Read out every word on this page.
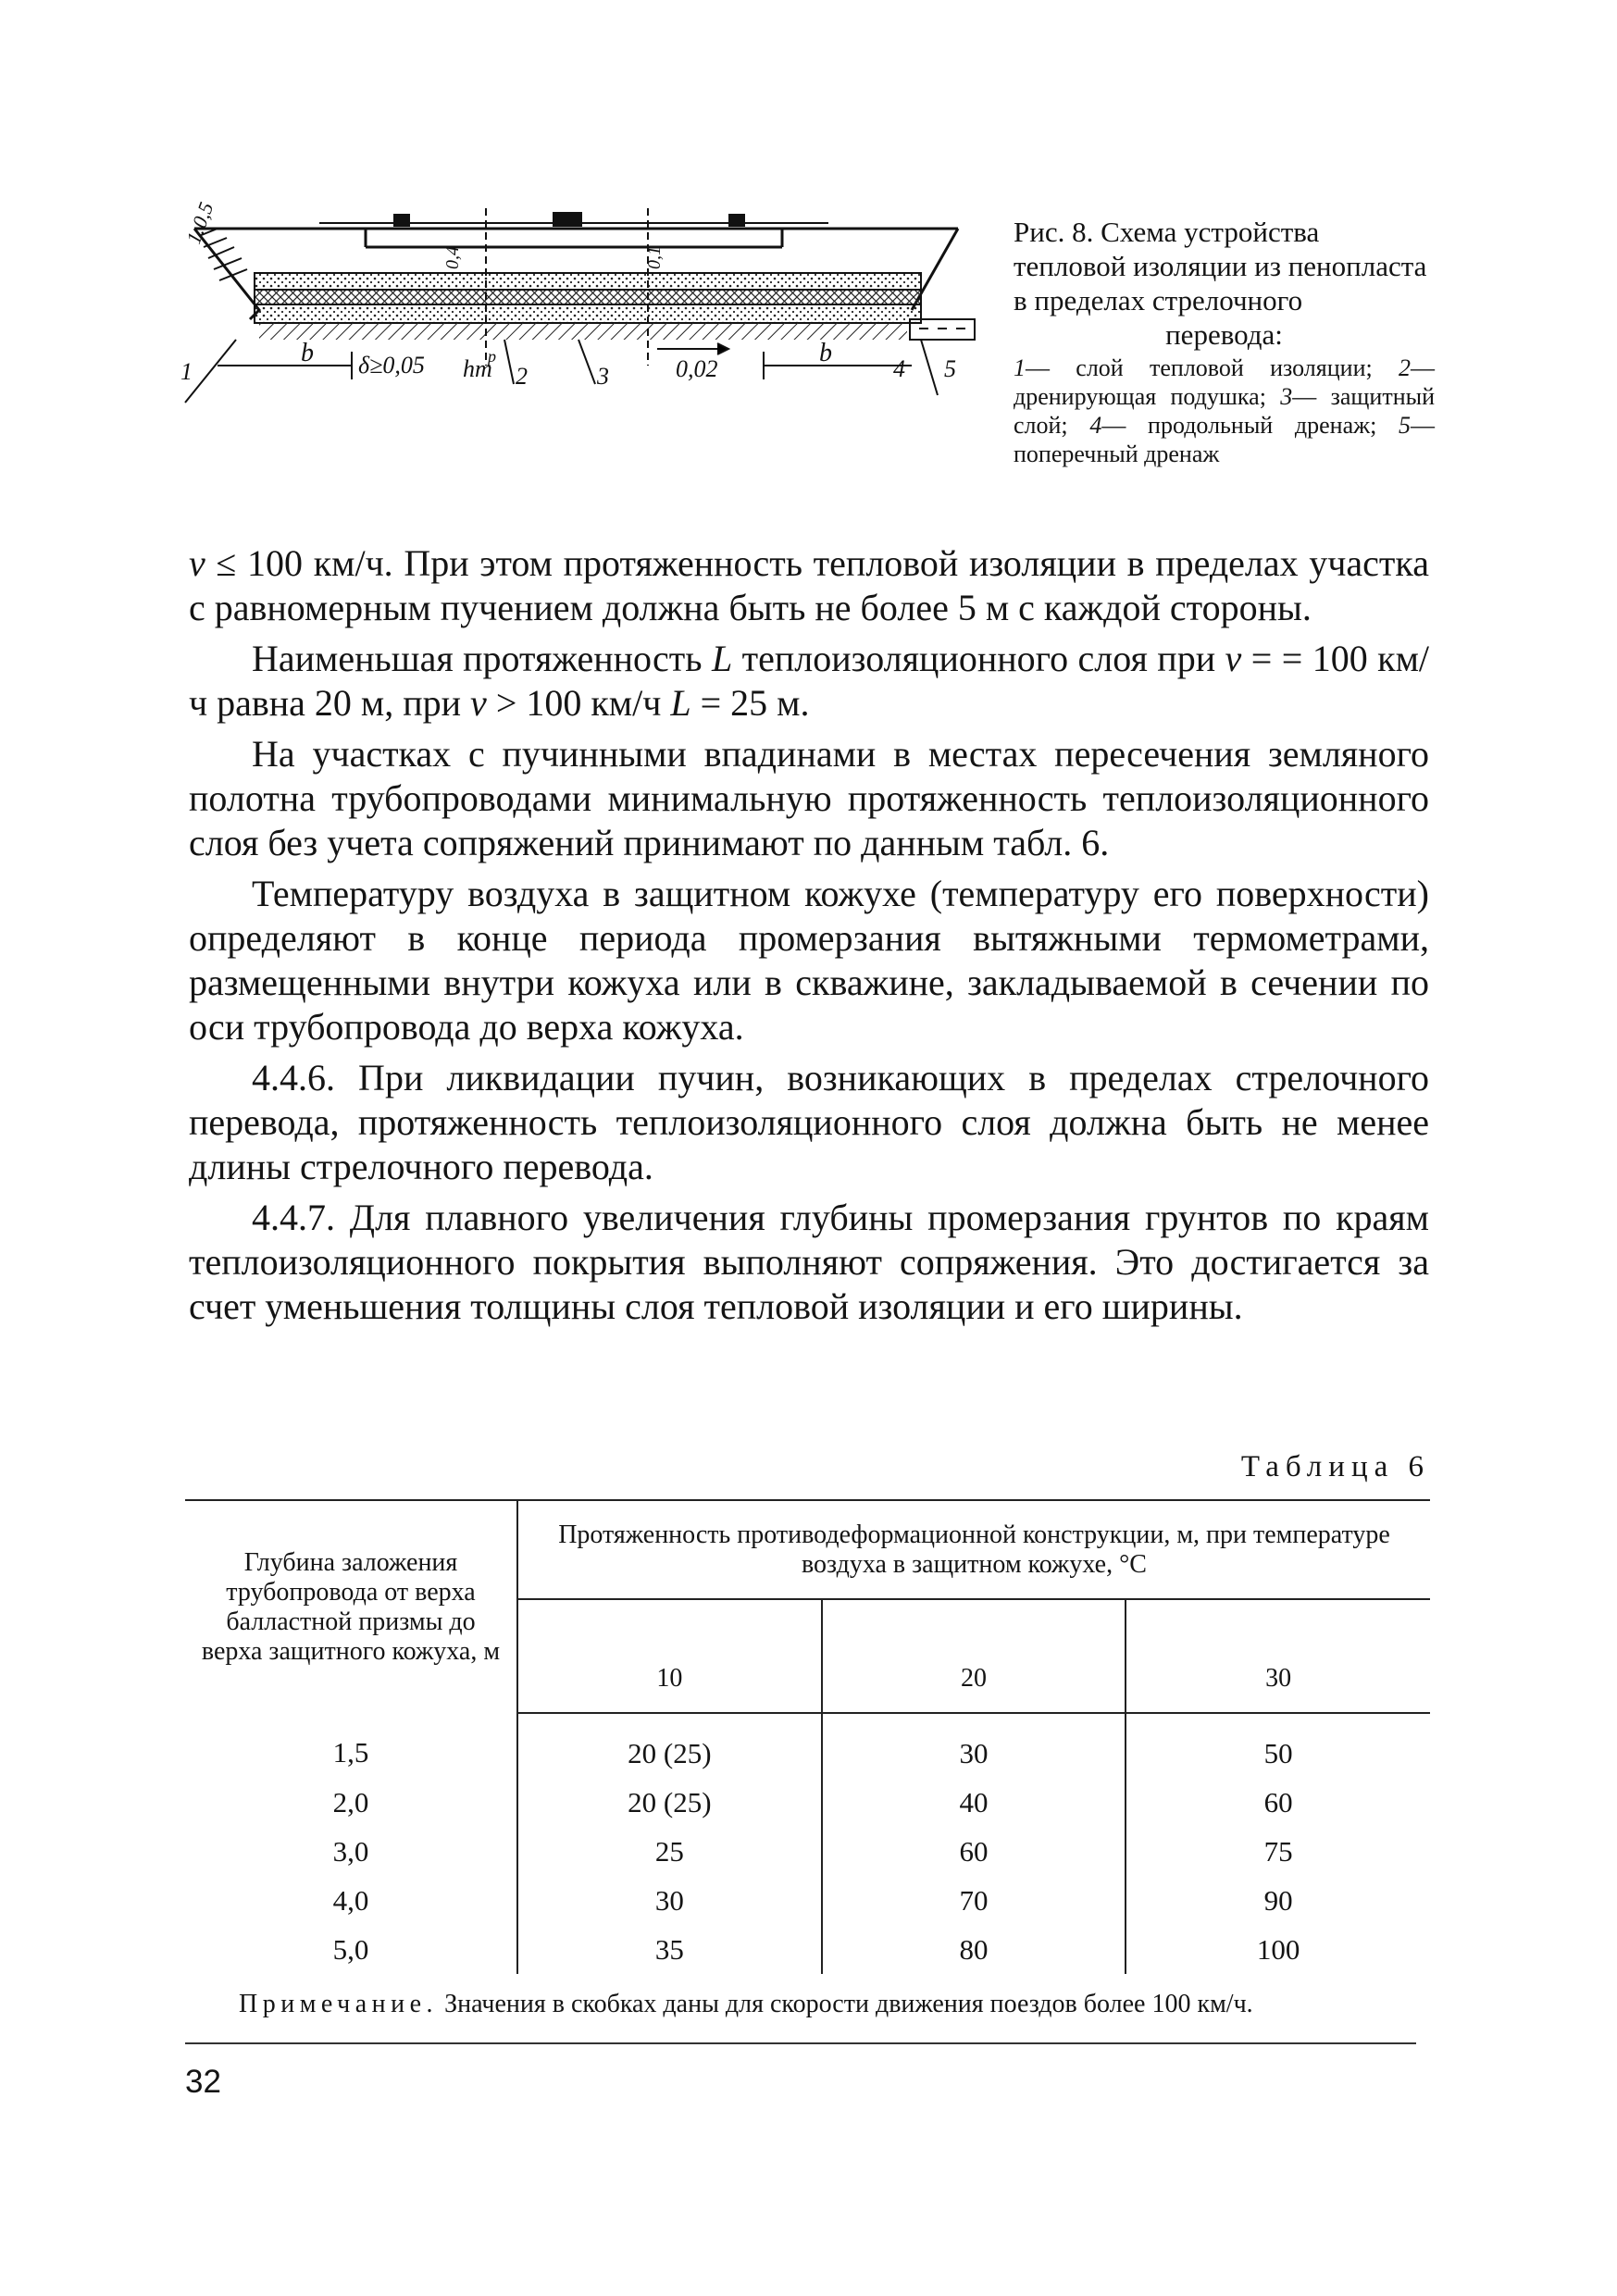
1:0,5
0,4	0,1
b δ≥0,05 hт
р	0,02
b
1	2	3	4 5

Рис. 8. Схема устройства тепловой изоляции из пенопласта в пределах стрелочного
перевода:

1— слой тепловой изоляции; 2— дренирующая подушка; 3— защитный слой; 4— продольный дренаж; 5— поперечный дренаж

v ≤ 100 км/ч. При этом протяженность тепловой изоляции в пределах участка с равномерным пучением должна быть не более 5 м с каждой стороны.

Наименьшая протяженность L теплоизоляционного слоя при v = = 100 км/ч равна 20 м, при v > 100 км/ч L = 25 м.

На участках с пучинными впадинами в местах пересечения земляного полотна трубопроводами минимальную протяженность теплоизоляционного слоя без учета сопряжений принимают по данным табл. 6.

Температуру воздуха в защитном кожухе (температуру его поверхности) определяют в конце периода промерзания вытяжными термометрами, размещенными внутри кожуха или в скважине, закладываемой в сечении по оси трубопровода до верха кожуха.

4.4.6. При ликвидации пучин, возникающих в пределах стрелочного перевода, протяженность теплоизоляционного слоя должна быть не менее длины стрелочного перевода.

4.4.7. Для плавного увеличения глубины промерзания грунтов по краям теплоизоляционного покрытия выполняют сопряжения. Это достигается за счет уменьшения толщины слоя тепловой изоляции и его ширины.

Таблица 6
Глубина заложения трубопровода от верха балластной призмы до верха защитного кожуха, м	Протяженность противодеформационной конструкции, м, при температуре воздуха в защитном кожухе, °С		
	10	20	30
1,5	20 (25)	30	50
2,0	20 (25)	40	60
3,0	25	60	75
4,0	30	70	90
5,0	35	80	100
Примечание. Значения в скобках даны для скорости движения поездов более 100 км/ч.
32
